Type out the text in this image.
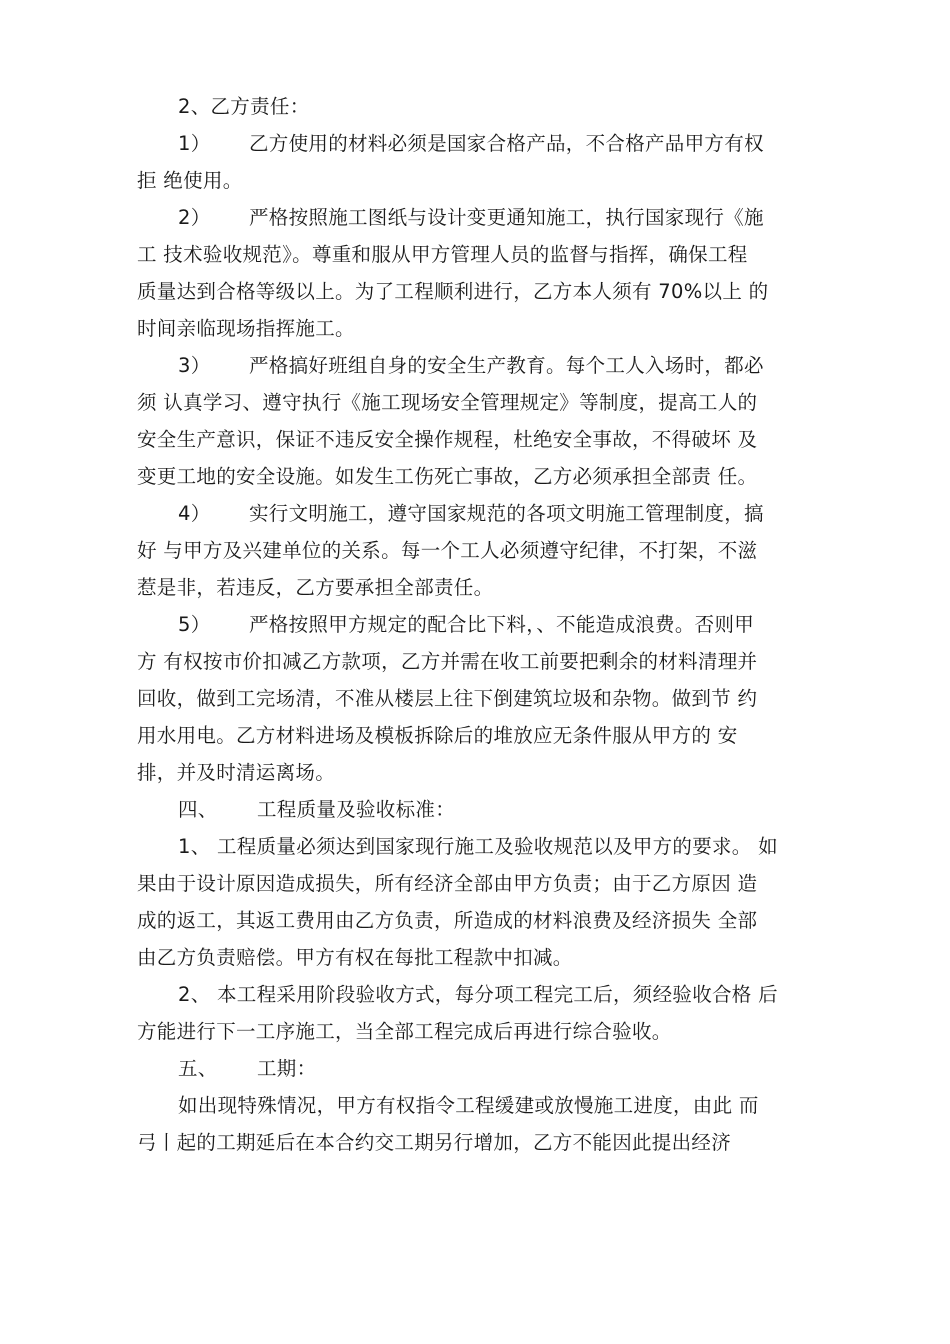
2、乙方责任：
1）	乙方使用的材料必须是国家合格产品，不合格产品甲方有权
拒 绝使用。
2）	严格按照施工图纸与设计变更通知施工，执行国家现行《施
工 技术验收规范》。尊重和服从甲方管理人员的监督与指挥，确保工程
质量达到合格等级以上。为了工程顺利进行，乙方本人须有 70%以上 的
时间亲临现场指挥施工。
3）	严格搞好班组自身的安全生产教育。每个工人入场时，都必
须 认真学习、遵守执行《施工现场安全管理规定》等制度，提高工人的
安全生产意识，保证不违反安全操作规程，杜绝安全事故，不得破坏 及
变更工地的安全设施。如发生工伤死亡事故，乙方必须承担全部责 任。
4）	实行文明施工，遵守国家规范的各项文明施工管理制度，搞
好 与甲方及兴建单位的关系。每一个工人必须遵守纪律，不打架，不滋
惹是非，若违反，乙方要承担全部责任。
5）	严格按照甲方规定的配合比下料，、不能造成浪费。否则甲
方 有权按市价扣减乙方款项，乙方并需在收工前要把剩余的材料清理并
回收，做到工完场清，不准从楼层上往下倒建筑垃圾和杂物。做到节 约
用水用电。乙方材料进场及模板拆除后的堆放应无条件服从甲方的 安
排，并及时清运离场。
四、	工程质量及验收标准：
1、 工程质量必须达到国家现行施工及验收规范以及甲方的要求。 如
果由于设计原因造成损失，所有经济全部由甲方负责；由于乙方原因 造
成的返工，其返工费用由乙方负责，所造成的材料浪费及经济损失 全部
由乙方负责赔偿。甲方有权在每批工程款中扣减。
2、 本工程采用阶段验收方式，每分项工程完工后，须经验收合格 后
方能进行下一工序施工，当全部工程完成后再进行综合验收。
五、	工期：
如出现特殊情况，甲方有权指令工程缓建或放慢施工进度，由此 而
弓丨起的工期延后在本合约交工期另行增加，乙方不能因此提出经济
